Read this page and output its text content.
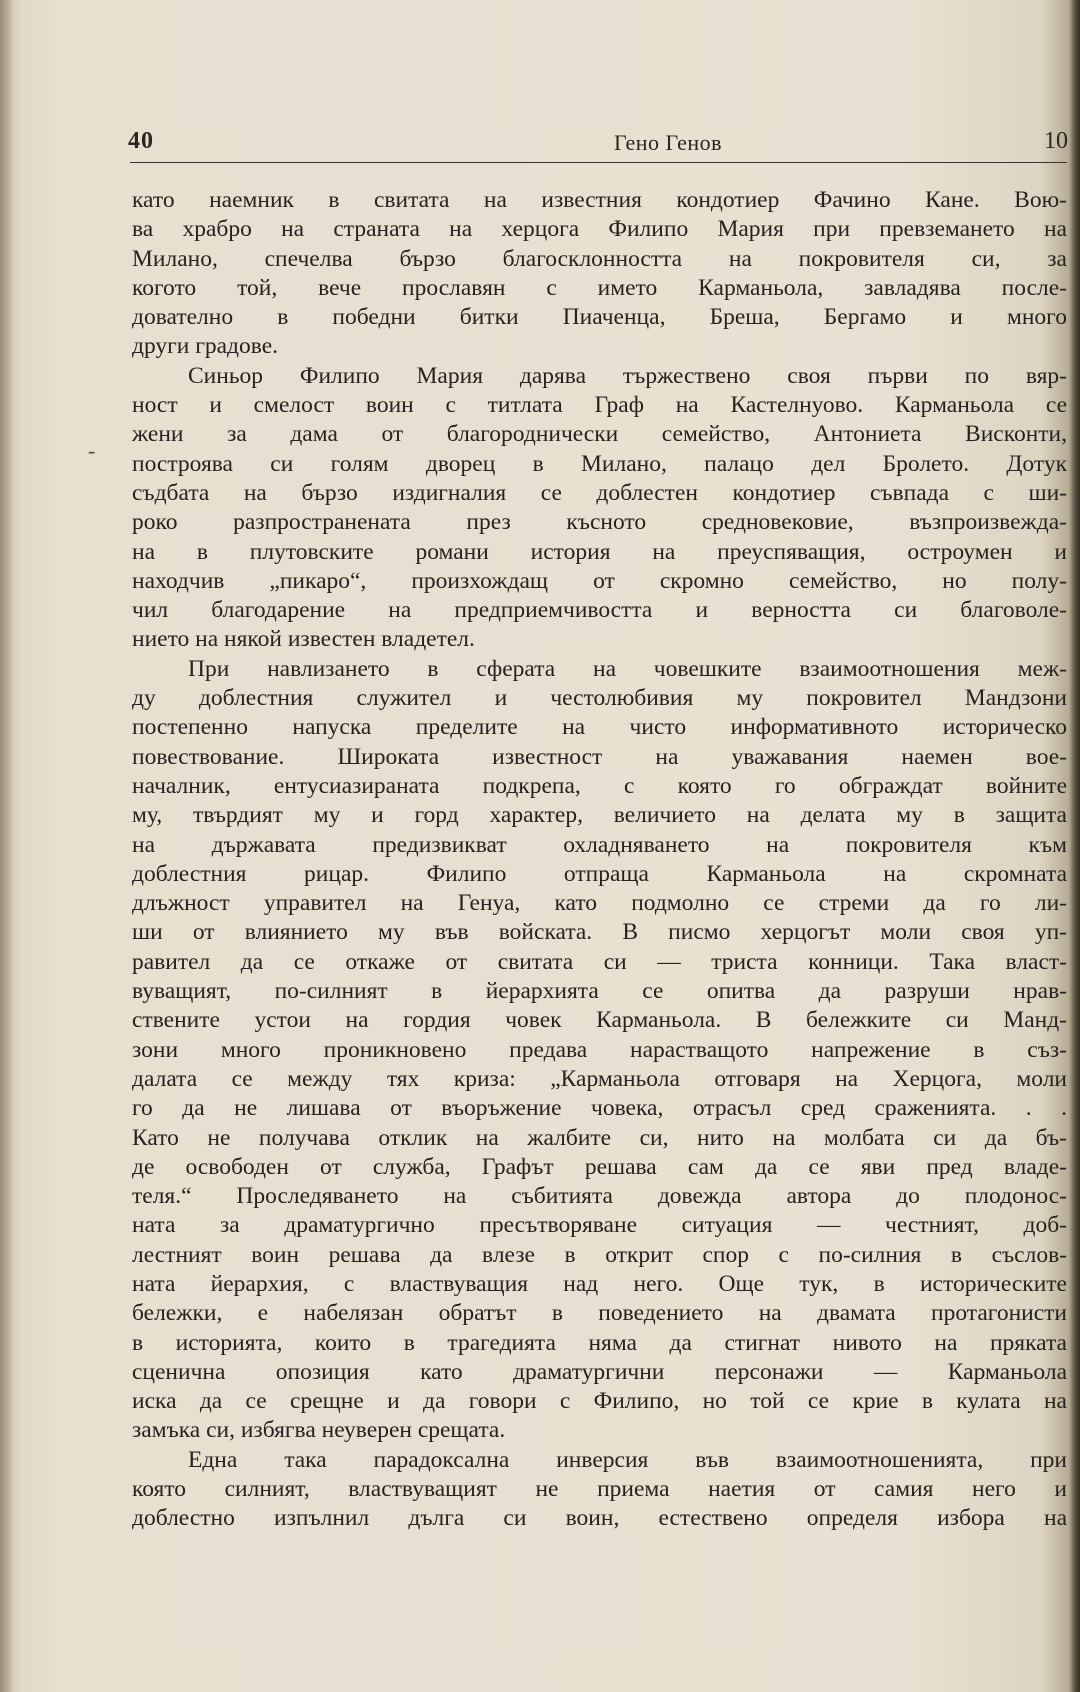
40	Гено Генов	10
-
като наемник в свитата на известния кондотиер Фачино Кане. Вою-
ва храбро на страната на херцога Филипо Мария при превземането на
Милано, спечелва бързо благосклонността на покровителя си, за
когото той, вече прославян с името Карманьола, завладява после-
дователно в победни битки Пиаченца, Бреша, Бергамо и много
други градове.
Синьор Филипо Мария дарява тържествено своя първи по вяр-
ност и смелост воин с титлата Граф на Кастелнуово. Карманьола се
жени за дама от благороднически семейство, Антониета Висконти,
построява си голям дворец в Милано, палацо дел Бролето. Дотук
съдбата на бързо издигналия се доблестен кондотиер съвпада с ши-
роко разпространената през късното средновековие, възпроизвежда-
на в плутовските романи история на преуспяващия, остроумен и
находчив „пикаро“, произхождащ от скромно семейство, но полу-
чил благодарение на предприемчивостта и верността си благоволе-
нието на някой известен владетел.
При навлизането в сферата на човешките взаимоотношения меж-
ду доблестния служител и честолюбивия му покровител Мандзони
постепенно напуска пределите на чисто информативното историческо
повествование. Широката известност на уважавания наемен вое-
началник, ентусиазираната подкрепа, с която го обграждат войните
му, твърдият му и горд характер, величието на делата му в защита
на държавата предизвикват охладняването на покровителя към
доблестния рицар. Филипо отпраща Карманьола на скромната
длъжност управител на Генуа, като подмолно се стреми да го ли-
ши от влиянието му във войската. В писмо херцогът моли своя уп-
равител да се откаже от свитата си — триста конници. Така власт-
вуващият, по-силният в йерархията се опитва да разруши нрав-
ствените устои на гордия човек Карманьола. В бележките си Манд-
зони много проникновено предава нарастващото напрежение в съз-
далата се между тях криза: „Карманьола отговаря на Херцога, моли
го да не лишава от въоръжение човека, отрасъл сред сраженията. . .
Като не получава отклик на жалбите си, нито на молбата си да бъ-
де освободен от служба, Графът решава сам да се яви пред владе-
теля.“ Проследяването на събитията довежда автора до плодонос-
ната за драматургично пресътворяване ситуация — честният, доб-
лестният воин решава да влезе в открит спор с по-силния в съслов-
ната йерархия, с властвуващия над него. Още тук, в историческите
бележки, е набелязан обратът в поведението на двамата протагонисти
в историята, които в трагедията няма да стигнат нивото на пряката
сценична опозиция като драматургични персонажи — Карманьола
иска да се срещне и да говори с Филипо, но той се крие в кулата на
замъка си, избягва неуверен срещата.
Една така парадоксална инверсия във взаимоотношенията, при
която силният, властвуващият не приема наетия от самия него и
доблестно изпълнил дълга си воин, естествено определя избора на
